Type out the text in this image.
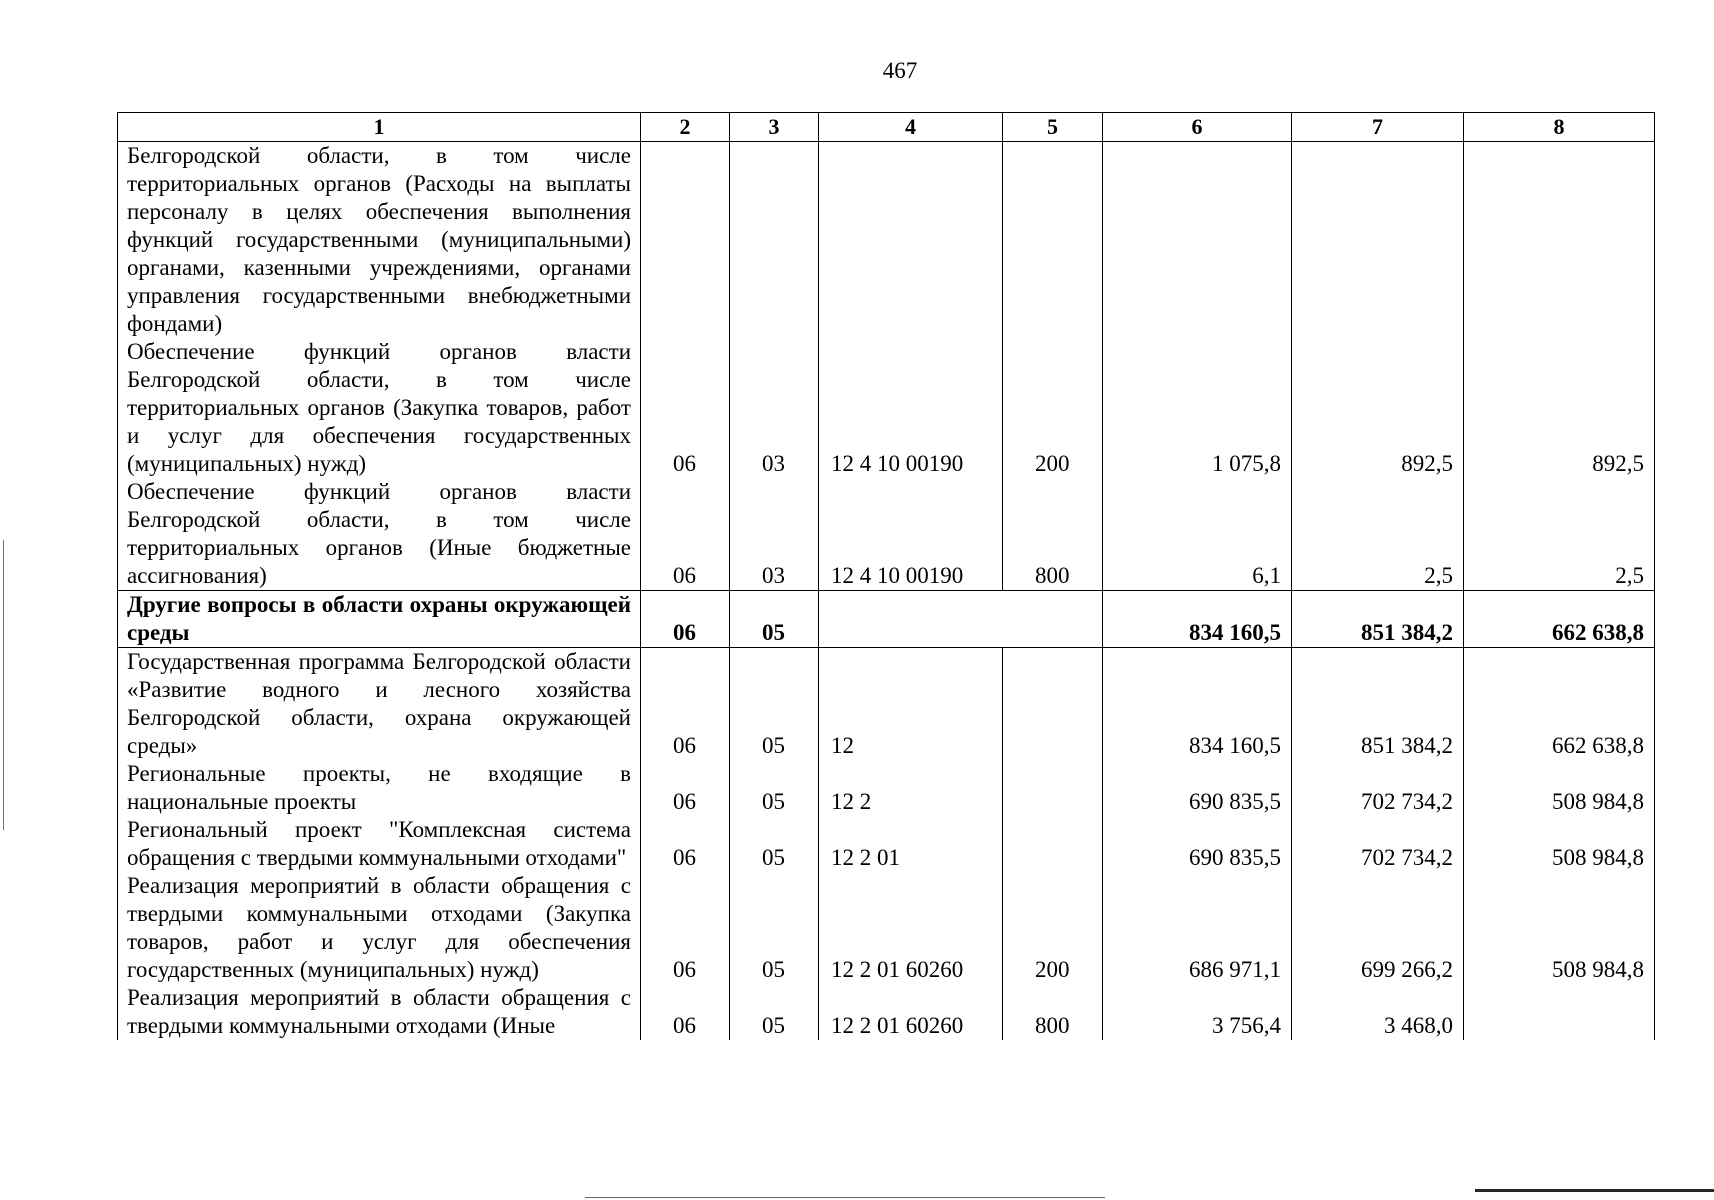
467
1	2	3	4	5	6	7	8
Белгородской области, в том числе территориальных органов (Расходы на выплаты персоналу в целях обеспечения выполнения функций государственными (муниципальными) органами, казенными учреждениями, органами управления государственными внебюджетными фондами)							
Обеспечение функций органов власти Белгородской области, в том числе территориальных органов (Закупка товаров, работ и услуг для обеспечения государственных (муниципальных) нужд)	06	03	12 4 10 00190	200	1 075,8	892,5	892,5
Обеспечение функций органов власти Белгородской области, в том числе территориальных органов (Иные бюджетные ассигнования)	06	03	12 4 10 00190	800	6,1	2,5	2,5
Другие вопросы в области охраны окружающей среды	06	05			834 160,5	851 384,2	662 638,8
Государственная программа Белгородской области «Развитие водного и лесного хозяйства Белгородской области, охрана окружающей среды»	06	05	12		834 160,5	851 384,2	662 638,8
Региональные проекты, не входящие в национальные проекты	06	05	12 2		690 835,5	702 734,2	508 984,8
Региональный проект "Комплексная система обращения с твердыми коммунальными отходами"	06	05	12 2 01		690 835,5	702 734,2	508 984,8
Реализация мероприятий в области обращения с твердыми коммунальными отходами (Закупка товаров, работ и услуг для обеспечения государственных (муниципальных) нужд)	06	05	12 2 01 60260	200	686 971,1	699 266,2	508 984,8
Реализация мероприятий в области обращения с твердыми коммунальными отходами (Иные	06	05	12 2 01 60260	800	3 756,4	3 468,0	
